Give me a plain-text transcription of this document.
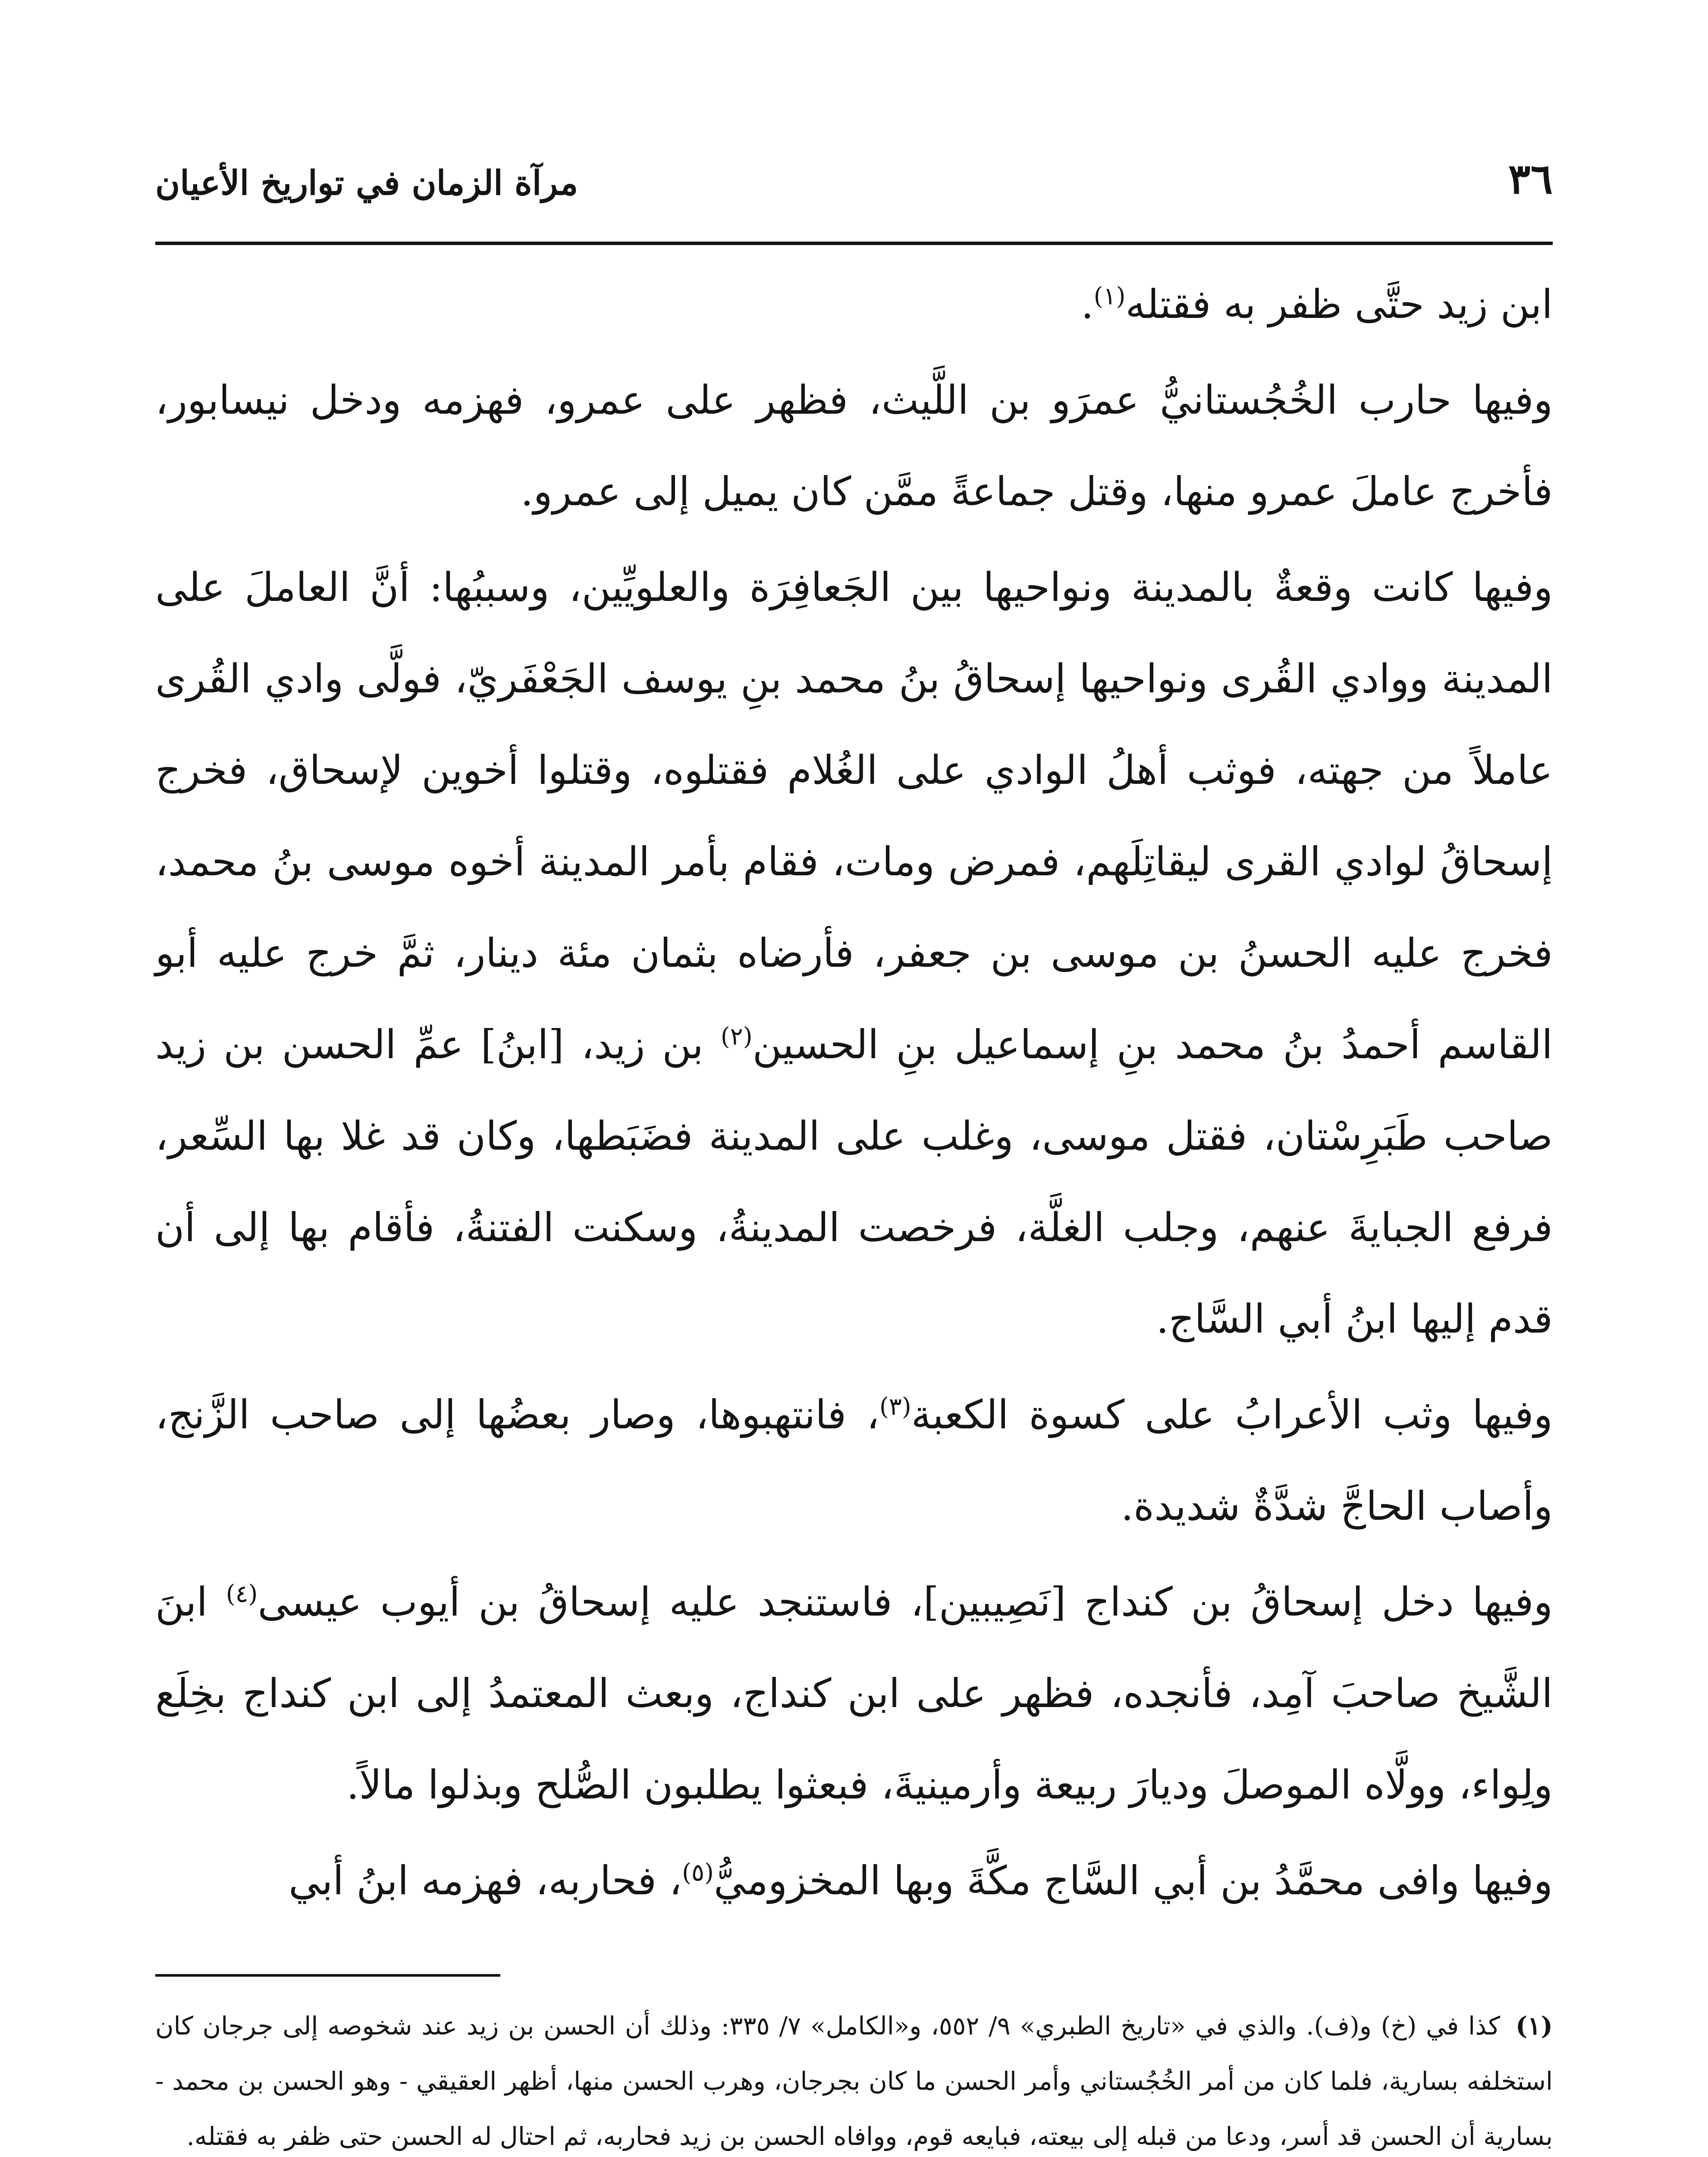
٣٦
مرآة الزمان في تواريخ الأعيان

ابن زيد حتَّى ظفر به فقتله$^{(١)}$.

وفيها حارب الخُجُستانيُّ عمرَو بن اللَّيث، فظهر على عمرو، فهزمه ودخل نيسابور، فأخرج عاملَ عمرو منها، وقتل جماعةً ممَّن كان يميل إلى عمرو.

وفيها كانت وقعةٌ بالمدينة ونواحيها بين الجَعافِرَة والعلويِّين، وسببُها: أنَّ العاملَ على المدينة ووادي القُرى ونواحيها إسحاقُ بنُ محمد بنِ يوسف الجَعْفَريّ، فولَّى وادي القُرى عاملاً من جهته، فوثب أهلُ الوادي على الغُلام فقتلوه، وقتلوا أخوين لإسحاق، فخرج إسحاقُ لوادي القرى ليقاتِلَهم، فمرض ومات، فقام بأمر المدينة أخوه موسى بنُ محمد، فخرج عليه الحسنُ بن موسى بن جعفر، فأرضاه بثمان مئة دينار، ثمَّ خرج عليه أبو القاسم أحمدُ بنُ محمد بنِ إسماعيل بنِ الحسين$^{(٢)}$ بن زيد، [ابنُ] عمِّ الحسن بن زيد صاحب طَبَرِسْتان، فقتل موسى، وغلب على المدينة فضَبَطها، وكان قد غلا بها السِّعر، فرفع الجبايةَ عنهم، وجلب الغلَّة، فرخصت المدينةُ، وسكنت الفتنةُ، فأقام بها إلى أن قدم إليها ابنُ أبي السَّاج.

وفيها وثب الأعرابُ على كسوة الكعبة$^{(٣)}$، فانتهبوها، وصار بعضُها إلى صاحب الزَّنج، وأصاب الحاجَّ شدَّةٌ شديدة.

وفيها دخل إسحاقُ بن كنداج [نَصِيبين]، فاستنجد عليه إسحاقُ بن أيوب عيسى$^{(٤)}$ ابنَ الشَّيخ صاحبَ آمِد، فأنجده، فظهر على ابن كنداج، وبعث المعتمدُ إلى ابن كنداج بخِلَع ولِواء، وولَّاه الموصلَ وديارَ ربيعة وأرمينيةَ، فبعثوا يطلبون الصُّلح وبذلوا مالاً.

وفيها وافى محمَّدُ بن أبي السَّاج مكَّةَ وبها المخزوميُّ$^{(٥)}$، فحاربه، فهزمه ابنُ أبي

(١) كذا في (خ) و(ف). والذي في «تاريخ الطبري» ٩/ ٥٥٢، و«الكامل» ٧/ ٣٣٥: وذلك أن الحسن بن زيد عند شخوصه إلى جرجان كان استخلفه بسارية، فلما كان من أمر الخُجُستاني وأمر الحسن ما كان بجرجان، وهرب الحسن منها، أظهر العقيقي - وهو الحسن بن محمد - بسارية أن الحسن قد أسر، ودعا من قبله إلى بيعته، فبايعه قوم، ووافاه الحسن بن زيد فحاربه، ثم احتال له الحسن حتى ظفر به فقتله.
